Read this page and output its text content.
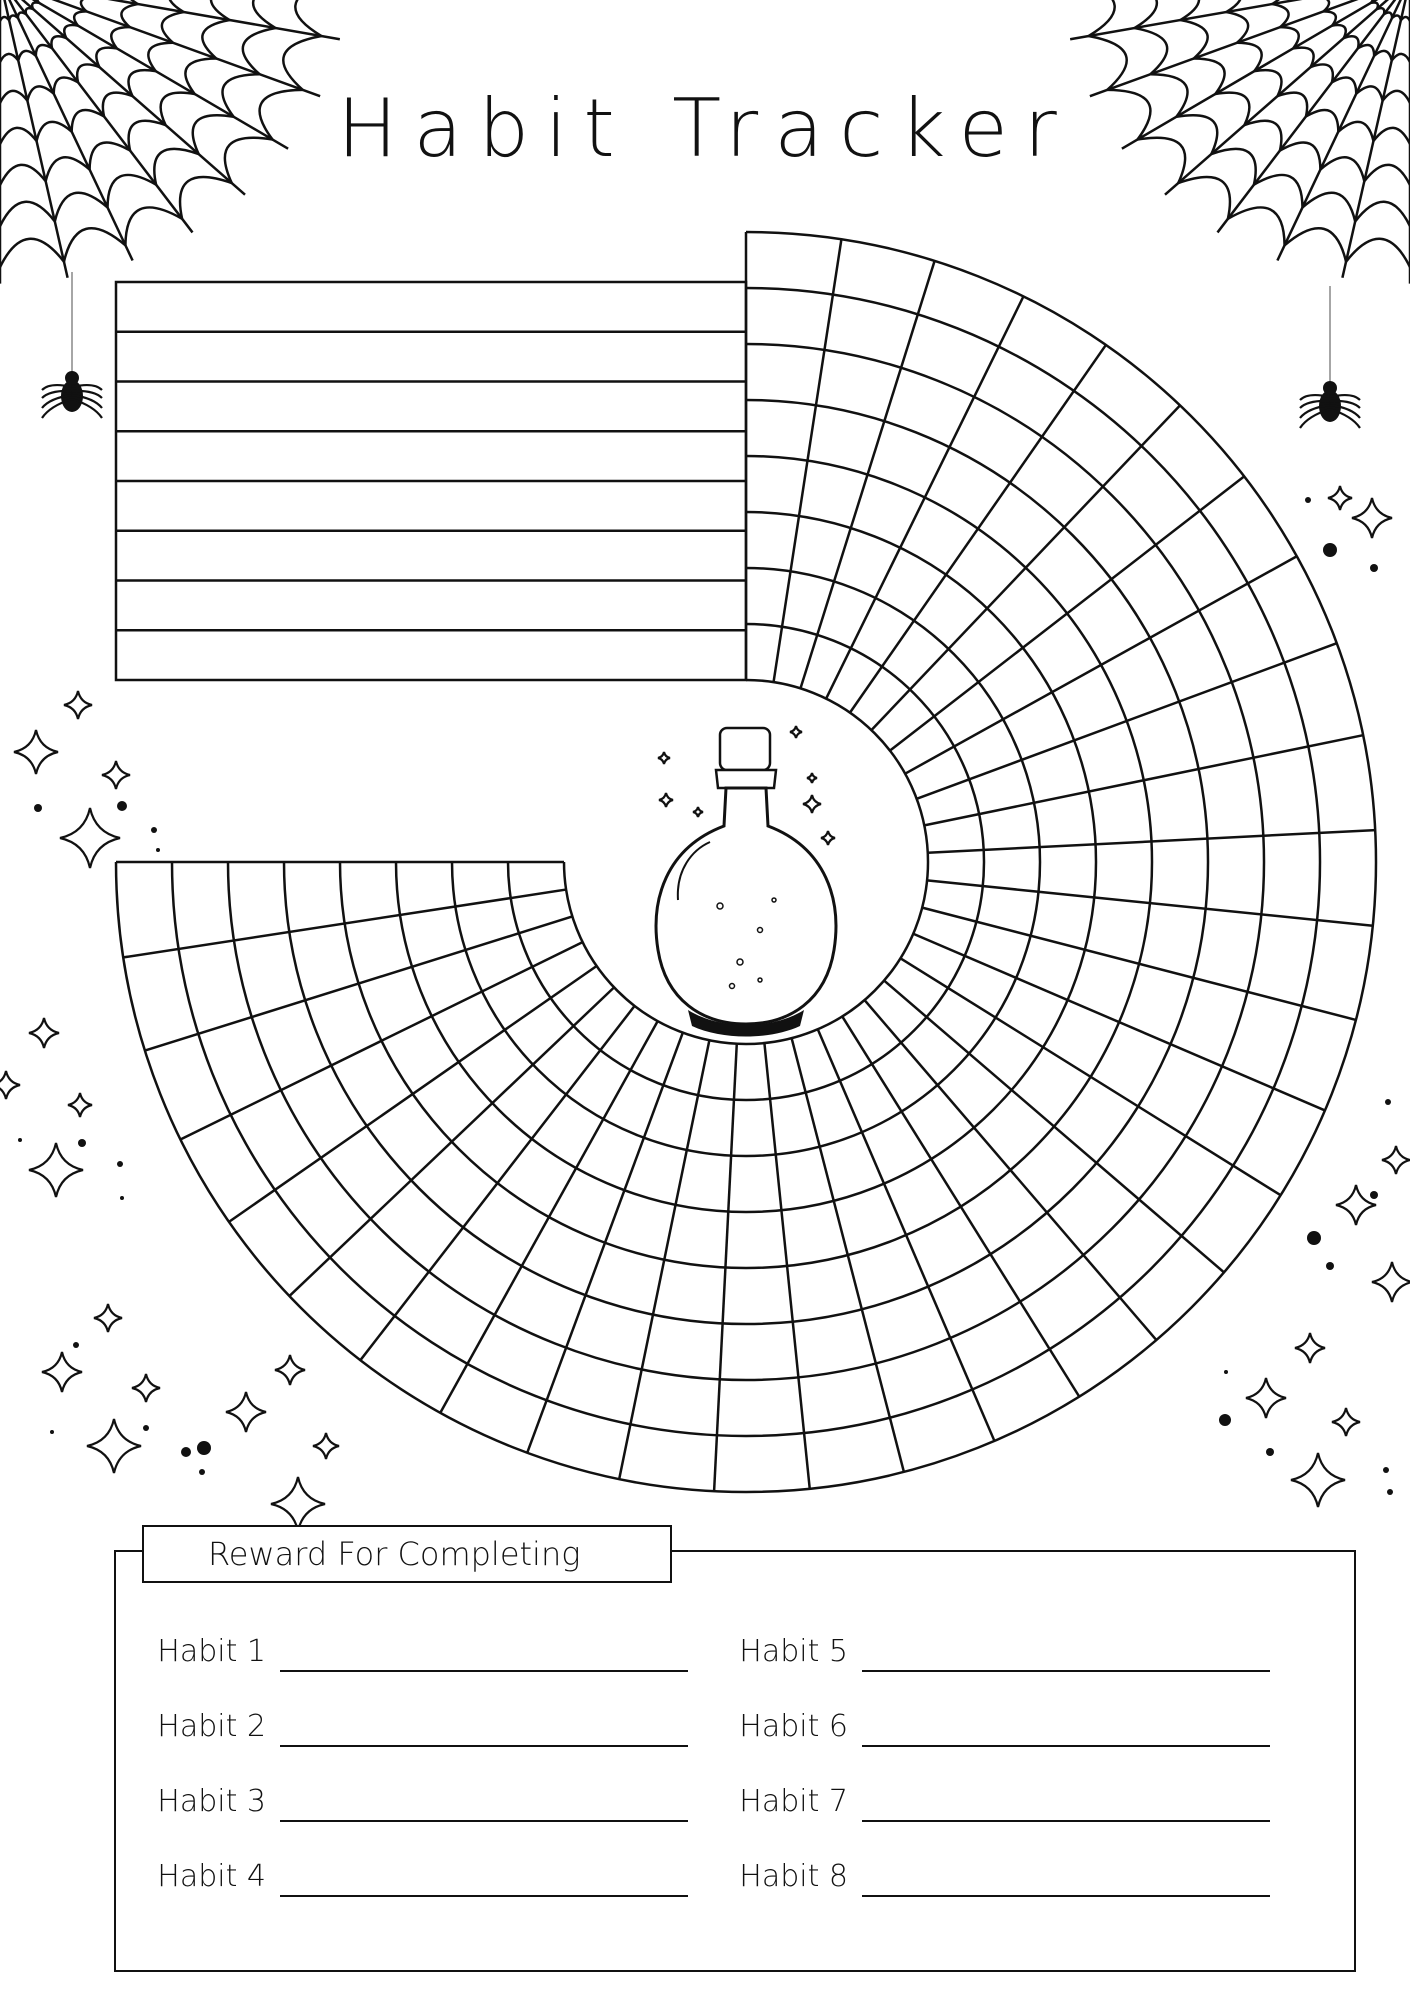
Habit Tracker
Reward For Completing
Habit 1
Habit 2
Habit 3
Habit 4
Habit 5
Habit 6
Habit 7
Habit 8
